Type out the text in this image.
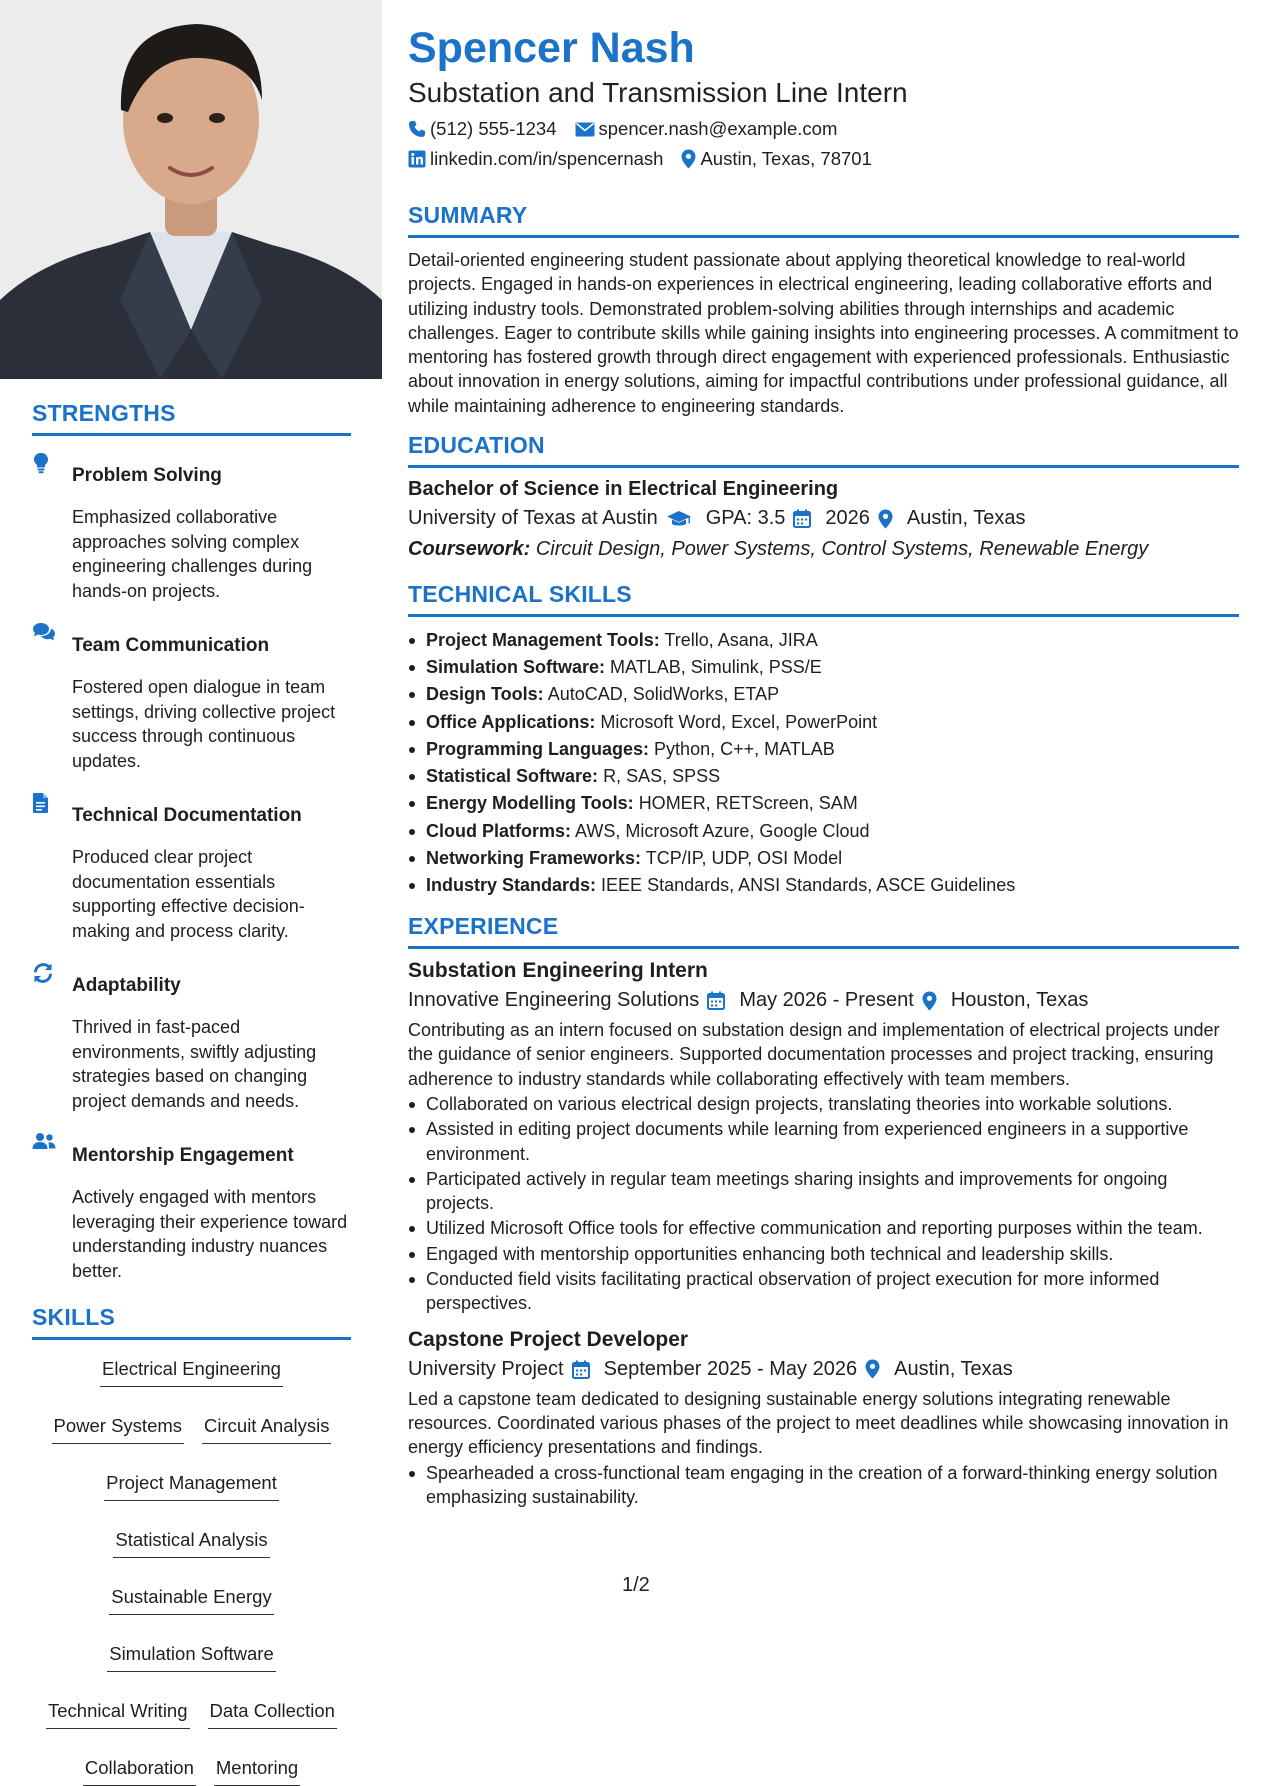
STRENGTHS
Problem Solving
Emphasized collaborative approaches solving complex engineering challenges during hands-on projects.
Team Communication
Fostered open dialogue in team settings, driving collective project success through continuous updates.
Technical Documentation
Produced clear project documentation essentials supporting effective decision-making and process clarity.
Adaptability
Thrived in fast-paced environments, swiftly adjusting strategies based on changing project demands and needs.
Mentorship Engagement
Actively engaged with mentors leveraging their experience toward understanding industry nuances better.
SKILLS
Electrical Engineering
Power Systems Circuit Analysis
Project Management
Statistical Analysis
Sustainable Energy
Simulation Software
Technical Writing Data Collection
Collaboration Mentoring
Spencer Nash
Substation and Transmission Line Intern
(512) 555-1234 spencer.nash@example.com
linkedin.com/in/spencernash Austin, Texas, 78701
SUMMARY
Detail-oriented engineering student passionate about applying theoretical knowledge to real-world projects. Engaged in hands-on experiences in electrical engineering, leading collaborative efforts and utilizing industry tools. Demonstrated problem-solving abilities through internships and academic challenges. Eager to contribute skills while gaining insights into engineering processes. A commitment to mentoring has fostered growth through direct engagement with experienced professionals. Enthusiastic about innovation in energy solutions, aiming for impactful contributions under professional guidance, all while maintaining adherence to engineering standards.
EDUCATION
Bachelor of Science in Electrical Engineering
University of Texas at Austin GPA: 3.5 2026 Austin, Texas
Coursework: Circuit Design, Power Systems, Control Systems, Renewable Energy
TECHNICAL SKILLS
Project Management Tools: Trello, Asana, JIRA
Simulation Software: MATLAB, Simulink, PSS/E
Design Tools: AutoCAD, SolidWorks, ETAP
Office Applications: Microsoft Word, Excel, PowerPoint
Programming Languages: Python, C++, MATLAB
Statistical Software: R, SAS, SPSS
Energy Modelling Tools: HOMER, RETScreen, SAM
Cloud Platforms: AWS, Microsoft Azure, Google Cloud
Networking Frameworks: TCP/IP, UDP, OSI Model
Industry Standards: IEEE Standards, ANSI Standards, ASCE Guidelines
EXPERIENCE
Substation Engineering Intern
Innovative Engineering Solutions May 2026 - Present Houston, Texas
Contributing as an intern focused on substation design and implementation of electrical projects under the guidance of senior engineers. Supported documentation processes and project tracking, ensuring adherence to industry standards while collaborating effectively with team members.
Collaborated on various electrical design projects, translating theories into workable solutions.
Assisted in editing project documents while learning from experienced engineers in a supportive environment.
Participated actively in regular team meetings sharing insights and improvements for ongoing projects.
Utilized Microsoft Office tools for effective communication and reporting purposes within the team.
Engaged with mentorship opportunities enhancing both technical and leadership skills.
Conducted field visits facilitating practical observation of project execution for more informed perspectives.
Capstone Project Developer
University Project September 2025 - May 2026 Austin, Texas
Led a capstone team dedicated to designing sustainable energy solutions integrating renewable resources. Coordinated various phases of the project to meet deadlines while showcasing innovation in energy efficiency presentations and findings.
Spearheaded a cross-functional team engaging in the creation of a forward-thinking energy solution emphasizing sustainability.
1/2
